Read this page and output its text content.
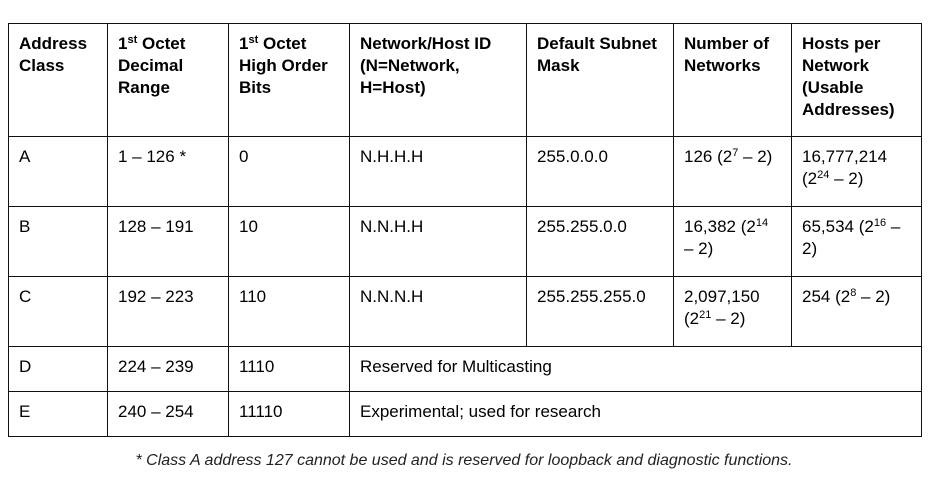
Address Class	1st Octet Decimal Range	1st Octet High Order Bits	Network/Host ID (N=Network, H=Host)	Default Subnet Mask	Number of Networks	Hosts per Network (Usable Addresses)
A	1 – 126 *	0	N.H.H.H	255.0.0.0	126 $(2^7 - 2)$	16,777,214 $(2^{24} - 2)$
B	128 – 191	10	N.N.H.H	255.255.0.0	16,382 $(2^{14} - 2)$	65,534 $(2^{16} - 2)$
C	192 – 223	110	N.N.N.H	255.255.255.0	2,097,150 $(2^{21} - 2)$	254 $(2^8 - 2)$
D	224 – 239	1110	Reserved for Multicasting			
E	240 – 254	11110	Experimental; used for research			
* Class A address 127 cannot be used and is reserved for loopback and diagnostic functions.
